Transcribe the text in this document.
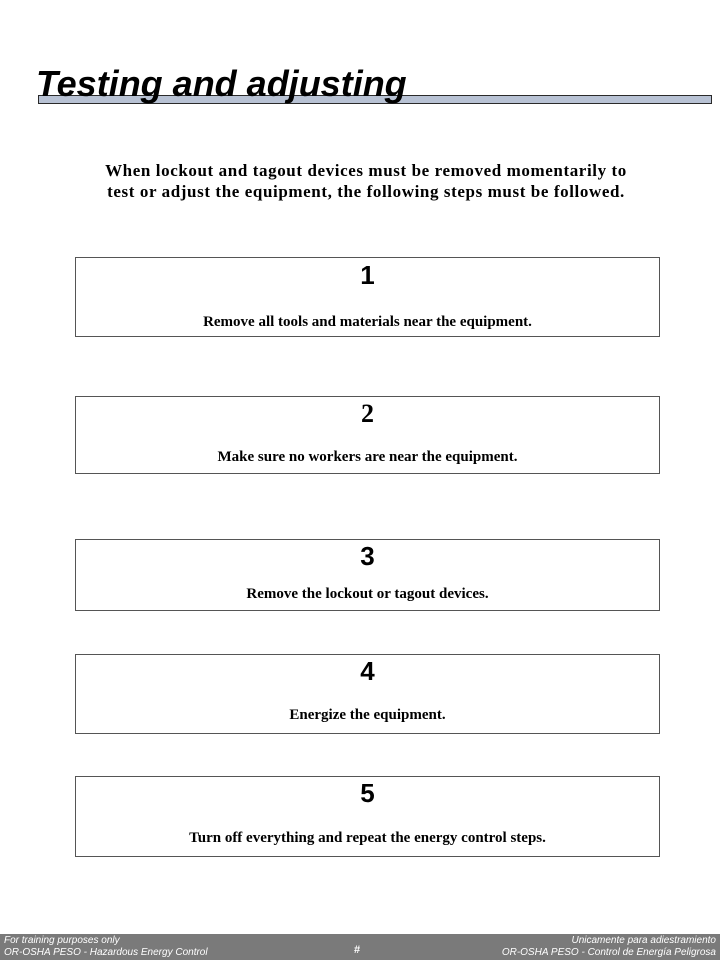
Testing and adjusting
When lockout and tagout devices must be removed momentarily to test or adjust the equipment, the following steps must be followed.
1
Remove all tools and materials near the equipment.
2
Make sure no workers are near the equipment.
3
Remove the lockout or tagout devices.
4
Energize the equipment.
5
Turn off everything and repeat the energy control steps.
For training purposes only
OR-OSHA PESO - Hazardous Energy Control	#
Unicamente para adiestramiento
OR-OSHA PESO - Control de Energía Peligrosa
